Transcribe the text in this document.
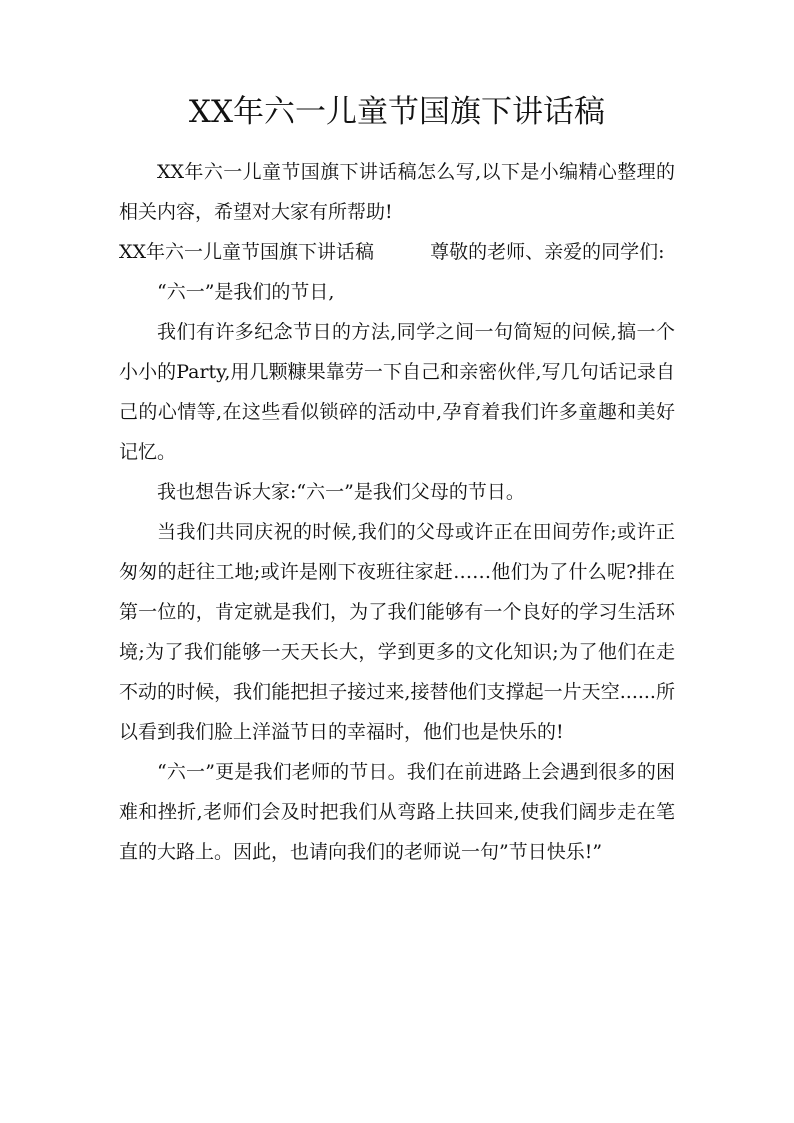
XX年六一儿童节国旗下讲话稿

XX年六一儿童节国旗下讲话稿怎么写,以下是小编精心整理的相关内容，希望对大家有所帮助!

XX年六一儿童节国旗下讲话稿	尊敬的老师、亲爱的同学们:

“六一”是我们的节日,

我们有许多纪念节日的方法,同学之间一句简短的问候,搞一个小小的Party,用几颗糠果靠劳一下自己和亲密伙伴,写几句话记录自己的心情等,在这些看似锁碎的活动中,孕育着我们许多童趣和美好记忆。

我也想告诉大家:“六一”是我们父母的节日。

当我们共同庆祝的时候,我们的父母或许正在田间劳作;或许正匆匆的赶往工地;或许是刚下夜班往家赶……他们为了什么呢?排在第一位的，肯定就是我们，为了我们能够有一个良好的学习生活环境;为了我们能够一天天长大，学到更多的文化知识;为了他们在走不动的时候，我们能把担子接过来,接替他们支撑起一片天空......所以看到我们脸上洋溢节日的幸福时，他们也是快乐的!

“六一”更是我们老师的节日。我们在前进路上会遇到很多的困难和挫折,老师们会及时把我们从弯路上扶回来,使我们阔步走在笔直的大路上。因此，也请向我们的老师说一句”节日快乐!”
